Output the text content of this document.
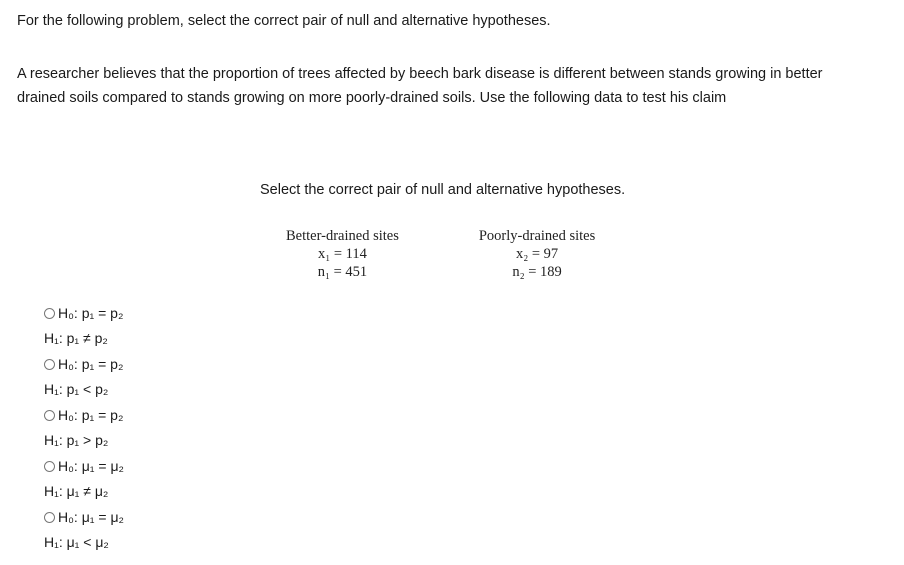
For the following problem, select the correct pair of null and alternative hypotheses.

A researcher believes that the proportion of trees affected by beech bark disease is different between stands growing in better drained soils compared to stands growing on more poorly-drained soils. Use the following data to test his claim

Select the correct pair of null and alternative hypotheses.

Better-drained sites		Poorly-drained sites
x₁ = 114		x₂ = 97
n₁ = 451		n₂ = 189
H₀: p₁ = p₂
H₁: p₁ ≠ p₂
H₀: p₁ = p₂
H₁: p₁ < p₂
H₀: p₁ = p₂
H₁: p₁ > p₂
H₀: μ₁ = μ₂
H₁: μ₁ ≠ μ₂
H₀: μ₁ = μ₂
H₁: μ₁ < μ₂
